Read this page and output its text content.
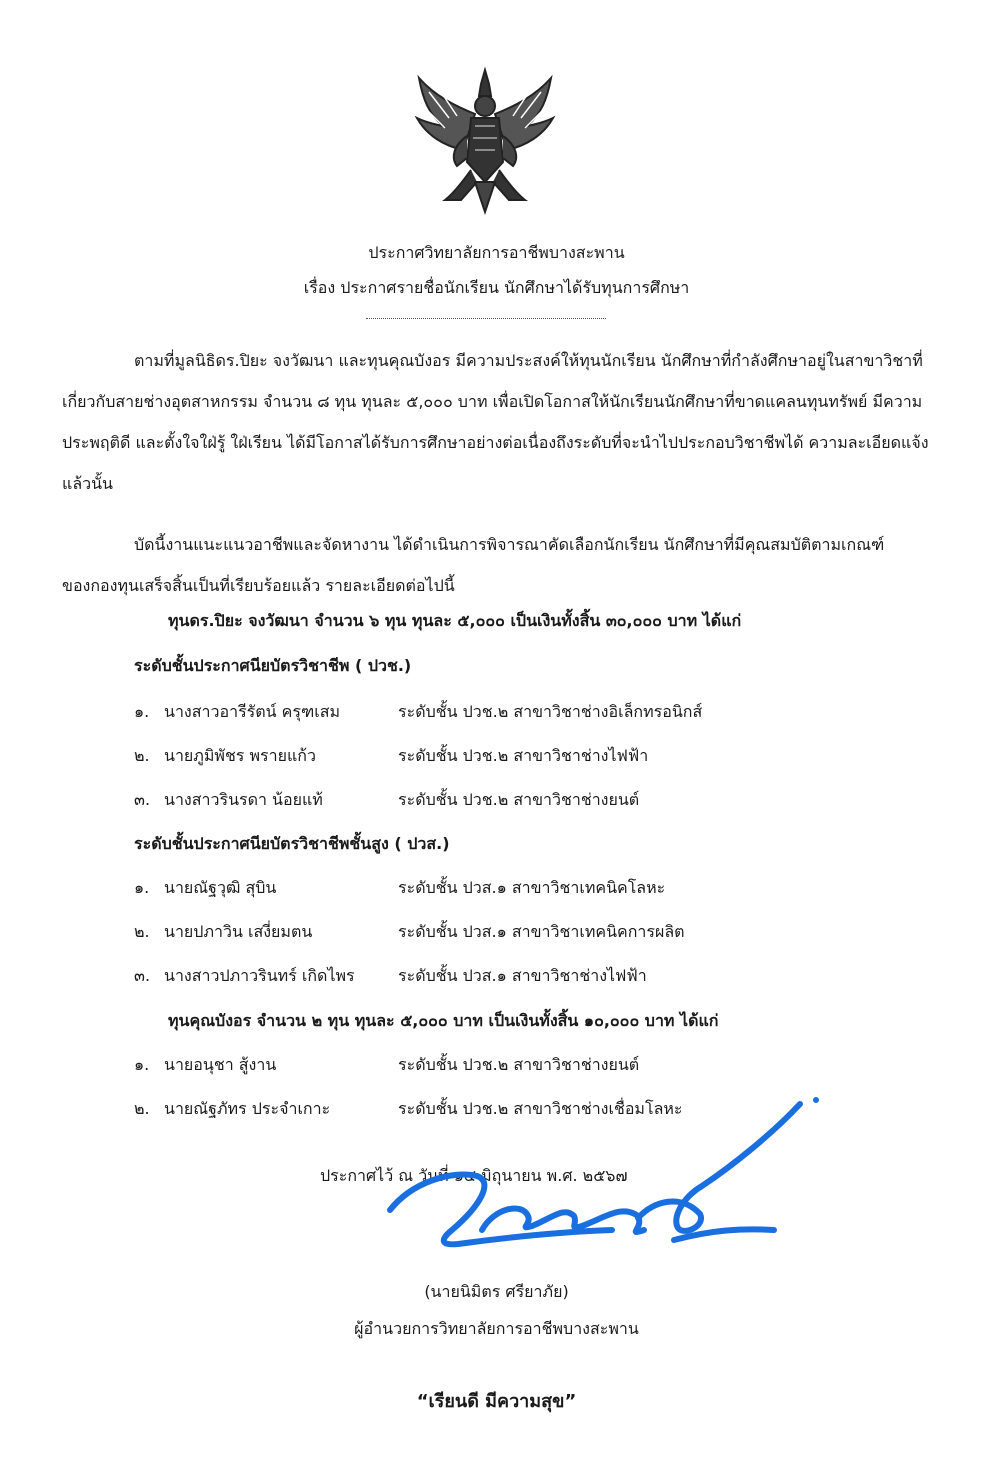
ประกาศวิทยาลัยการอาชีพบางสะพาน
เรื่อง ประกาศรายชื่อนักเรียน นักศึกษาได้รับทุนการศึกษา
ตามที่มูลนิธิดร.ปิยะ จงวัฒนา และทุนคุณบังอร มีความประสงค์ให้ทุนนักเรียน นักศึกษาที่กำลังศึกษาอยู่ในสาขาวิชาที่เกี่ยวกับสายช่างอุตสาหกรรม จำนวน ๘ ทุน ทุนละ ๕,๐๐๐ บาท เพื่อเปิดโอกาสให้นักเรียนนักศึกษาที่ขาดแคลนทุนทรัพย์ มีความประพฤติดี และตั้งใจใฝ่รู้ ใฝ่เรียน ได้มีโอกาสได้รับการศึกษาอย่างต่อเนื่องถึงระดับที่จะนำไปประกอบวิชาชีพได้ ความละเอียดแจ้งแล้วนั้น
บัดนี้งานแนะแนวอาชีพและจัดหางาน ได้ดำเนินการพิจารณาคัดเลือกนักเรียน นักศึกษาที่มีคุณสมบัติตามเกณฑ์ของกองทุนเสร็จสิ้นเป็นที่เรียบร้อยแล้ว รายละเอียดต่อไปนี้
ทุนดร.ปิยะ จงวัฒนา จำนวน ๖ ทุน ทุนละ ๕,๐๐๐ เป็นเงินทั้งสิ้น ๓๐,๐๐๐ บาท ได้แก่
ระดับชั้นประกาศนียบัตรวิชาชีพ ( ปวช.)
๑. นางสาวอารีรัตน์ ครุฑเสม	ระดับชั้น ปวช.๒ สาขาวิชาช่างอิเล็กทรอนิกส์
๒. นายภูมิพัชร พรายแก้ว	ระดับชั้น ปวช.๒ สาขาวิชาช่างไฟฟ้า
๓. นางสาวรินรดา น้อยแท้	ระดับชั้น ปวช.๒ สาขาวิชาช่างยนต์
ระดับชั้นประกาศนียบัตรวิชาชีพชั้นสูง ( ปวส.)
๑. นายณัฐวุฒิ สุบิน	ระดับชั้น ปวส.๑ สาขาวิชาเทคนิคโลหะ
๒. นายปภาวิน เสงี่ยมตน	ระดับชั้น ปวส.๑ สาขาวิชาเทคนิคการผลิต
๓. นางสาวปภาวรินทร์ เกิดไพร	ระดับชั้น ปวส.๑ สาขาวิชาช่างไฟฟ้า
ทุนคุณบังอร จำนวน ๒ ทุน ทุนละ ๕,๐๐๐ บาท เป็นเงินทั้งสิ้น ๑๐,๐๐๐ บาท ได้แก่
๑. นายอนุชา สู้งาน	ระดับชั้น ปวช.๒ สาขาวิชาช่างยนต์
๒. นายณัฐภัทร ประจำเกาะ	ระดับชั้น ปวช.๒ สาขาวิชาช่างเชื่อมโลหะ
ประกาศไว้ ณ วันที่ ๑๔ มิถุนายน พ.ศ. ๒๕๖๗
(นายนิมิตร ศรียาภัย)
ผู้อำนวยการวิทยาลัยการอาชีพบางสะพาน
“เรียนดี มีความสุข”
